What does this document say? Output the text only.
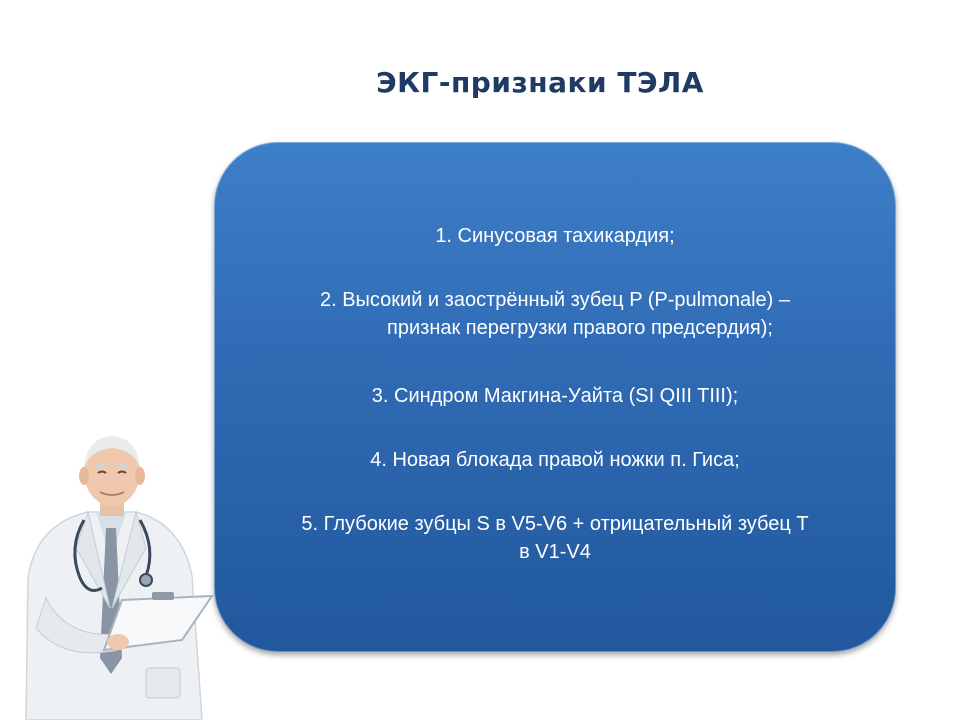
ЭКГ-признаки ТЭЛА
1. Синусовая тахикардия;
2. Высокий и заострённый зубец P (P-pulmonale) –
признак перегрузки правого предсердия);
3. Синдром Макгина-Уайта (SI QIII TIII);
4. Новая блокада правой ножки п. Гиса;
5. Глубокие зубцы S в V5-V6 + отрицательный зубец T
в V1-V4
